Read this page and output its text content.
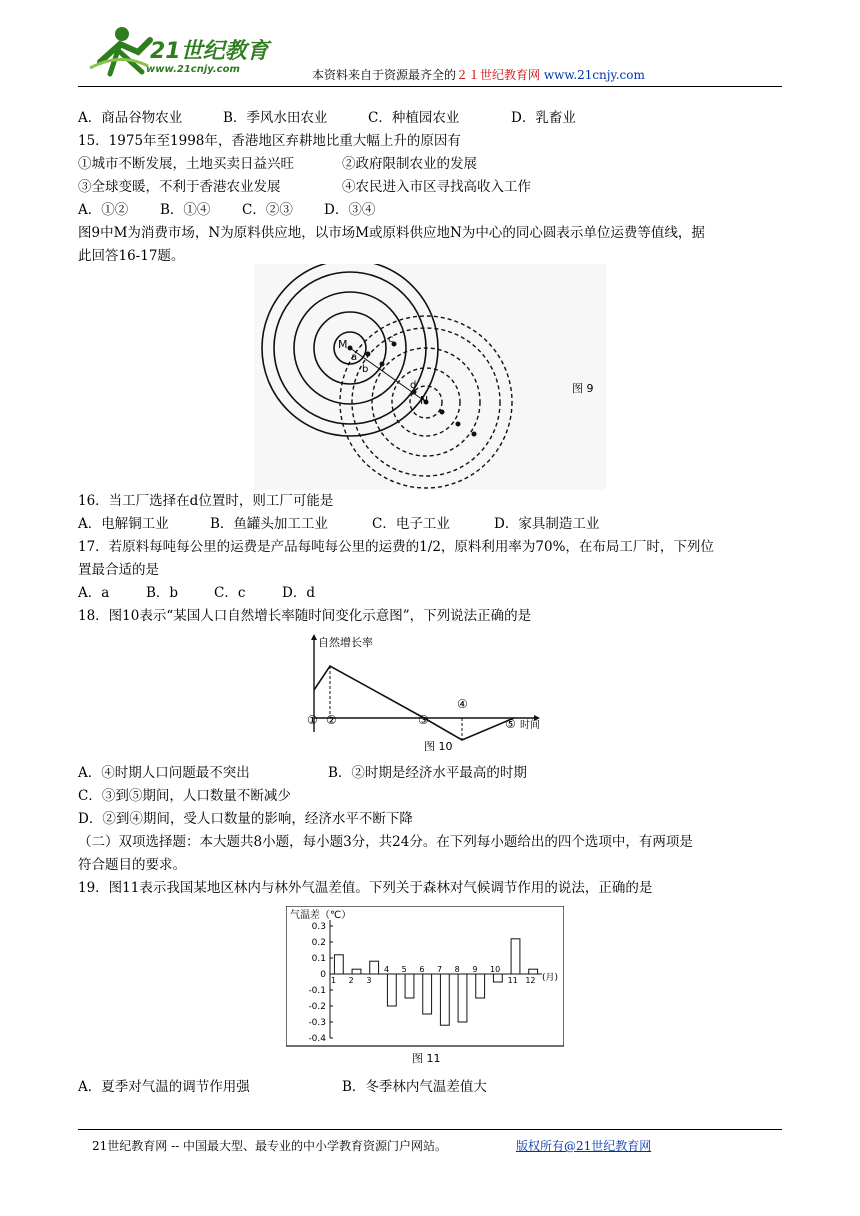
21世纪教育
www.21cnjy.com	本资料来自于资源最齐全的２１世纪教育网 www.21cnjy.com
A．商品谷物农业	B．季风水田农业	C．种植园农业	D．乳畜业
15．1975年至1998年，香港地区弃耕地比重大幅上升的原因有
①城市不断发展，土地买卖日益兴旺	②政府限制农业的发展
③全球变暖，不利于香港农业发展	④农民进入市区寻找高收入工作
A．①② B．①④ C．②③ D．③④
图9中M为消费市场，N为原料供应地，以市场M或原料供应地N为中心的同心圆表示单位运费等值线，据
此回答16-17题。
M
a
b
c
d
N
图 9
16．当工厂选择在d位置时，则工厂可能是
A．电解铜工业	B．鱼罐头加工工业	C．电子工业	D．家具制造工业
17．若原料每吨每公里的运费是产品每吨每公里的运费的1/2，原料利用率为70%，在布局工厂时，下列位
置最合适的是
A．a	B．b	C．c	D．d
18．图10表示“某国人口自然增长率随时间变化示意图”，下列说法正确的是
自然增长率
时间
① ②	③
④
⑤
图 10
A．④时期人口问题最不突出	B．②时期是经济水平最高的时期
C．③到⑤期间，人口数量不断减少
D．②到④期间，受人口数量的影响，经济水平不断下降
（二）双项选择题：本大题共8小题，每小题3分，共24分。在下列每小题给出的四个选项中，有两项是
符合题目的要求。
19．图11表示我国某地区林内与林外气温差值。下列关于森林对气候调节作用的说法，正确的是
气温差（℃）
(月)
0.3
0.2
0.1
0
-0.1
-0.2
-0.3
-0.4
1 2 3
4 5 6 7 8 9 10
11 12
图 11
A．夏季对气温的调节作用强	B．冬季林内气温差值大
21世纪教育网 -- 中国最大型、最专业的中小学教育资源门户网站。	版权所有@21世纪教育网
